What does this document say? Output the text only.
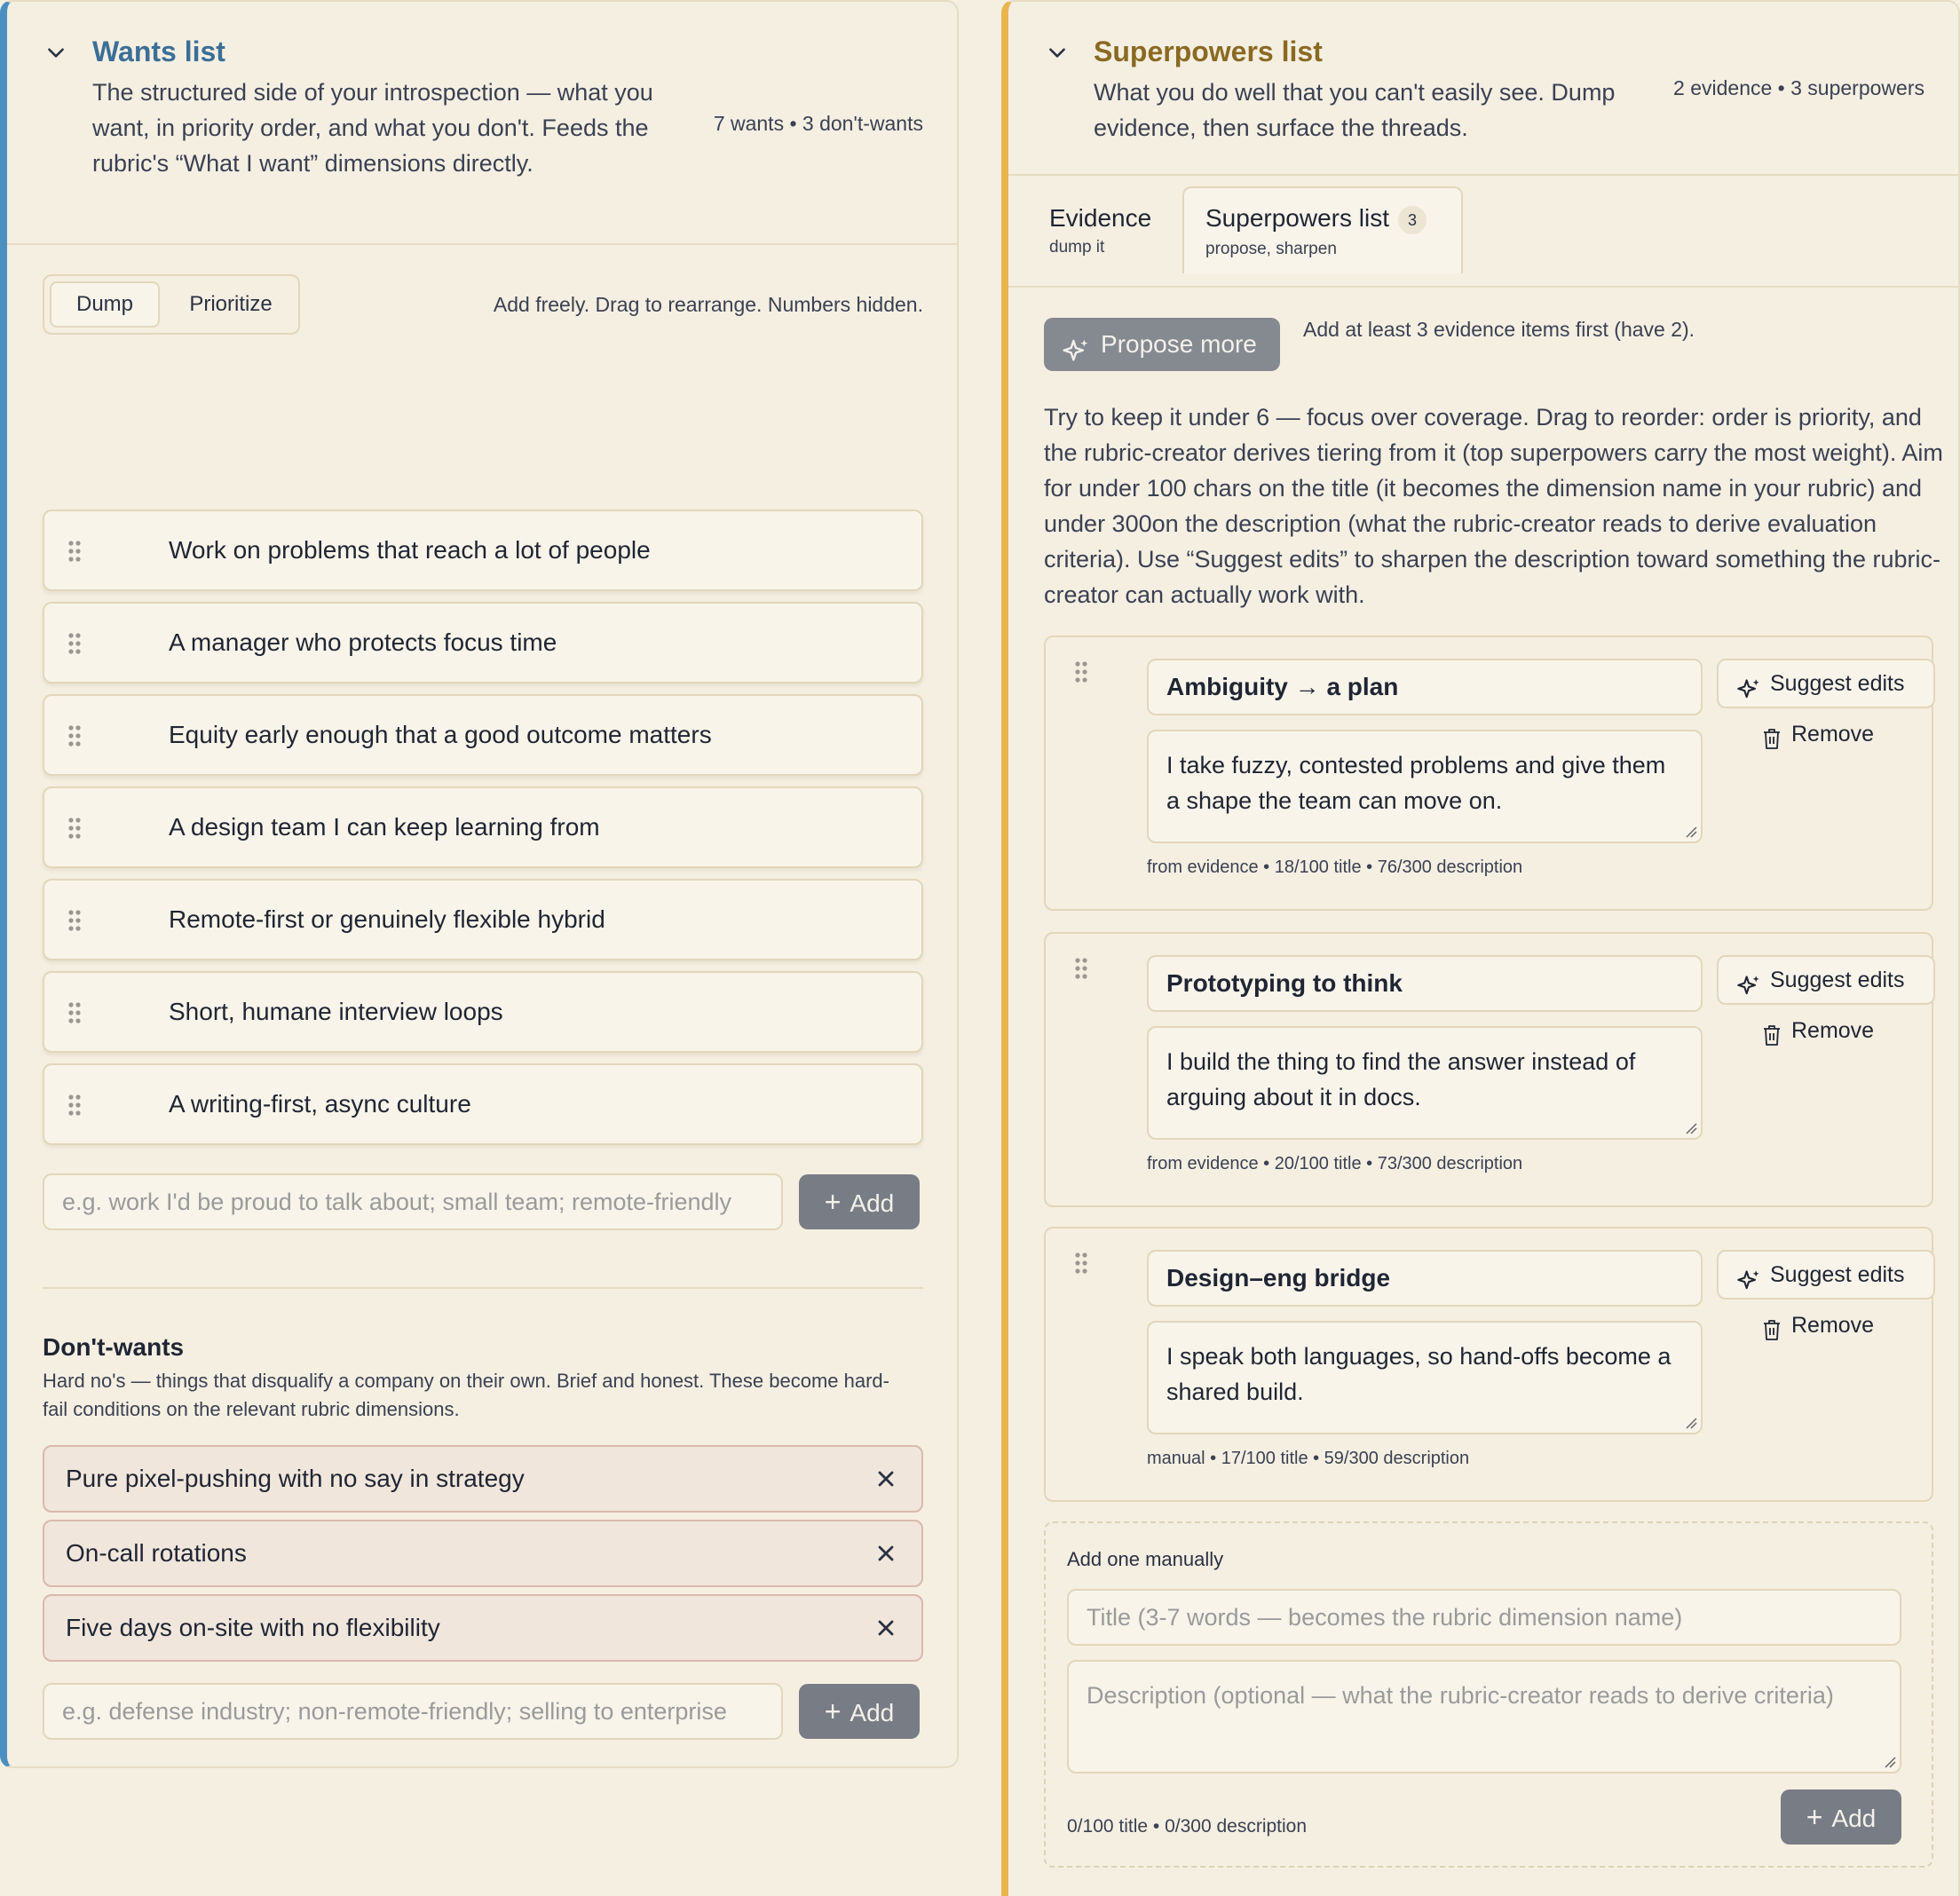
Wants list
The structured side of your introspection — what you want, in priority order, and what you don't. Feeds the rubric's “What I want” dimensions directly.
7 wants • 3 don't-wants
Dump	Prioritize	Add freely. Drag to rearrange. Numbers hidden.
Work on problems that reach a lot of people
A manager who protects focus time
Equity early enough that a good outcome matters
A design team I can keep learning from
Remote-first or genuinely flexible hybrid
Short, humane interview loops
A writing-first, async culture
e.g. work I'd be proud to talk about; small team; remote-friendly	+ Add
Don't-wants
Hard no's — things that disqualify a company on their own. Brief and honest. These become hard-fail conditions on the relevant rubric dimensions.
Pure pixel-pushing with no say in strategy
On-call rotations
Five days on-site with no flexibility
e.g. defense industry; non-remote-friendly; selling to enterprise	+ Add
Superpowers list
What you do well that you can't easily see. Dump evidence, then surface the threads.
2 evidence • 3 superpowers
Evidence
dump it
Superpowers list 3
propose, sharpen
Propose more
Add at least 3 evidence items first (have 2).
Try to keep it under 6 — focus over coverage. Drag to reorder: order is priority, and the rubric-creator derives tiering from it (top superpowers carry the most weight). Aim for under 100 chars on the title (it becomes the dimension name in your rubric) and under 300on the description (what the rubric-creator reads to derive evaluation criteria). Use “Suggest edits” to sharpen the description toward something the rubric-creator can actually work with.
Ambiguity → a plan
I take fuzzy, contested problems and give them a shape the team can move on.
Suggest edits
Remove
from evidence • 18/100 title • 76/300 description
Prototyping to think
I build the thing to find the answer instead of arguing about it in docs.
Suggest edits
Remove
from evidence • 20/100 title • 73/300 description
Design–eng bridge
I speak both languages, so hand-offs become a shared build.
Suggest edits
Remove
manual • 17/100 title • 59/300 description
Add one manually
Title (3-7 words — becomes the rubric dimension name)
Description (optional — what the rubric-creator reads to derive criteria)
0/100 title • 0/300 description	+ Add
